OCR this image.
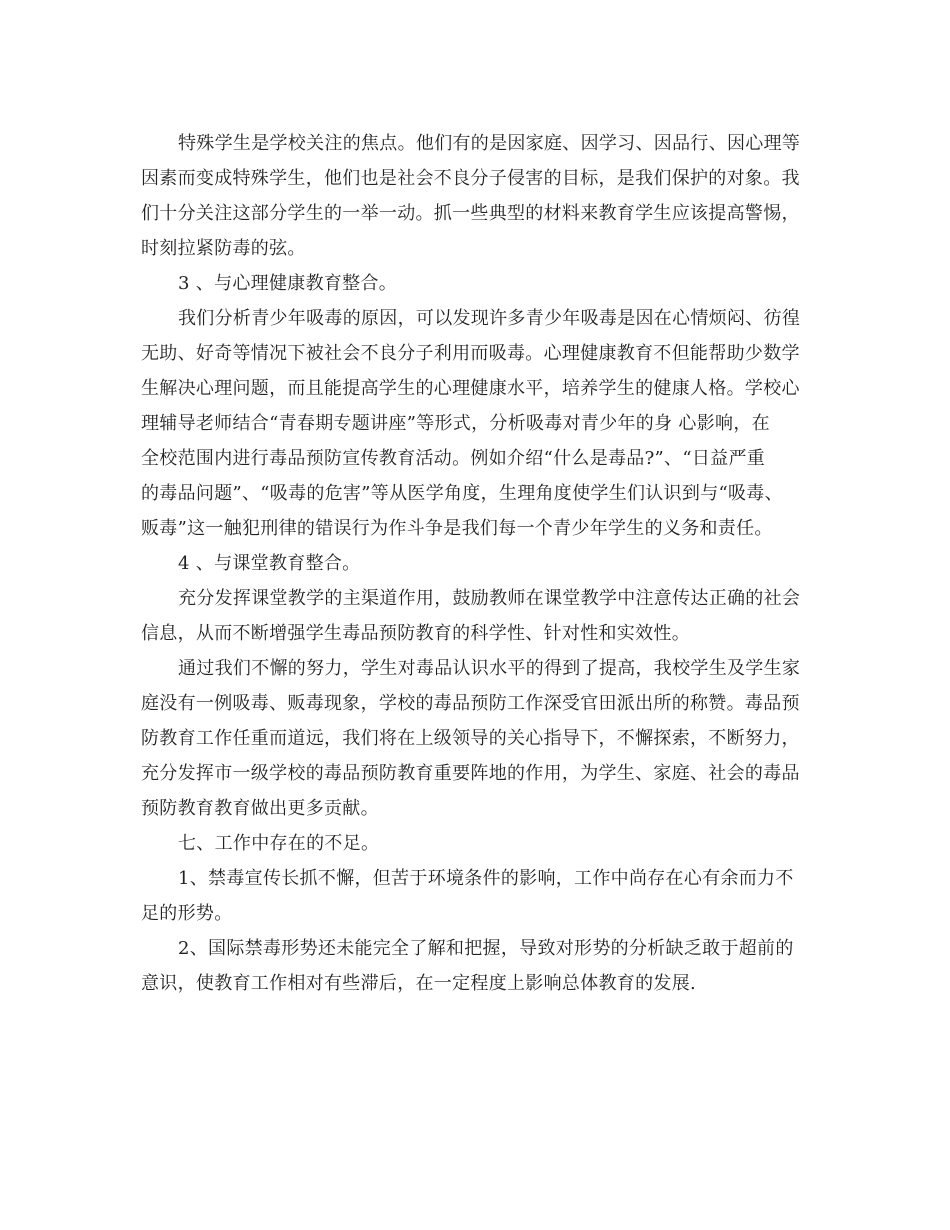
特殊学生是学校关注的焦点。他们有的是因家庭、因学习、因品行、因心理等
因素而变成特殊学生，他们也是社会不良分子侵害的目标，是我们保护的对象。我
们十分关注这部分学生的一举一动。抓一些典型的材料来教育学生应该提高警惕，
时刻拉紧防毒的弦。
3 、与心理健康教育整合。
我们分析青少年吸毒的原因，可以发现许多青少年吸毒是因在心情烦闷、彷徨
无助、好奇等情况下被社会不良分子利用而吸毒。心理健康教育不但能帮助少数学
生解决心理问题，而且能提高学生的心理健康水平，培养学生的健康人格。学校心
理辅导老师结合“青春期专题讲座”等形式，分析吸毒对青少年的身 心影响，在
全校范围内进行毒品预防宣传教育活动。例如介绍“什么是毒品?”、“日益严重
的毒品问题”、“吸毒的危害”等从医学角度，生理角度使学生们认识到与“吸毒、
贩毒”这一触犯刑律的错误行为作斗争是我们每一个青少年学生的义务和责任。
4 、与课堂教育整合。
充分发挥课堂教学的主渠道作用，鼓励教师在课堂教学中注意传达正确的社会
信息，从而不断增强学生毒品预防教育的科学性、针对性和实效性。
通过我们不懈的努力，学生对毒品认识水平的得到了提高，我校学生及学生家
庭没有一例吸毒、贩毒现象，学校的毒品预防工作深受官田派出所的称赞。毒品预
防教育工作任重而道远，我们将在上级领导的关心指导下，不懈探索，不断努力，
充分发挥市一级学校的毒品预防教育重要阵地的作用，为学生、家庭、社会的毒品
预防教育教育做出更多贡献。
七、工作中存在的不足。
1、禁毒宣传长抓不懈，但苦于环境条件的影响，工作中尚存在心有余而力不
足的形势。
2、国际禁毒形势还未能完全了解和把握，导致对形势的分析缺乏敢于超前的
意识，使教育工作相对有些滞后，在一定程度上影响总体教育的发展.
